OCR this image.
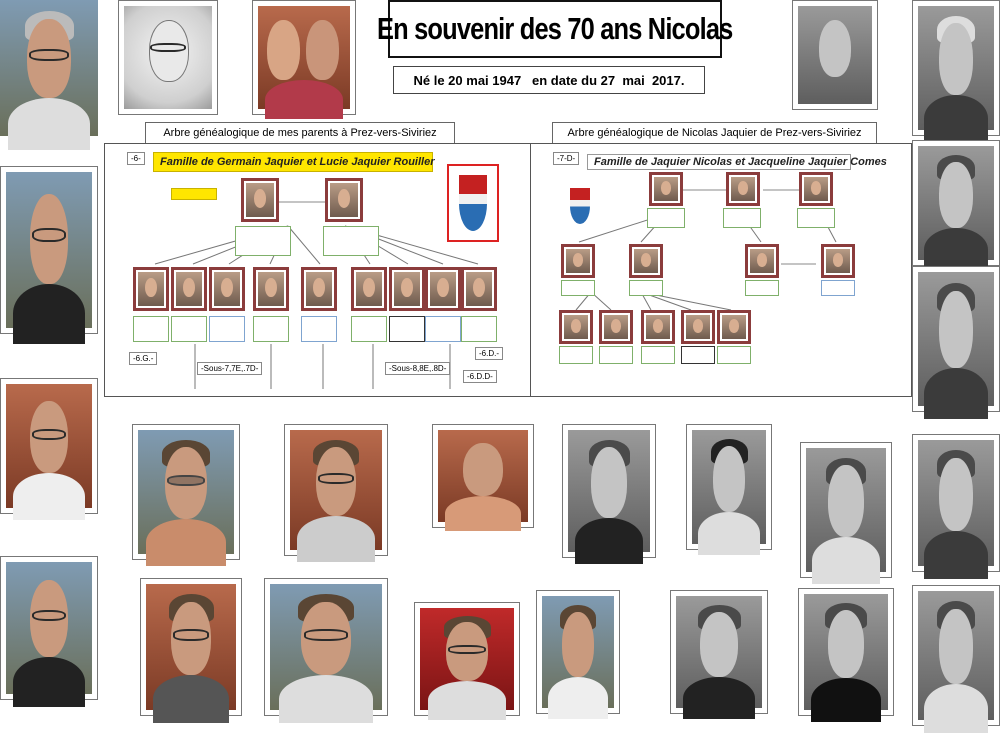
En souvenir des 70 ans Nicolas
Né le 20 mai 1947   en date du 27  mai  2017.
Arbre généalogique de mes parents à Prez-vers-Siviriez	Arbre généalogique de Nicolas Jaquier de Prez-vers-Siviriez
-6-	Famille de Germain Jaquier et Lucie Jaquier Rouiller
-6.G.-
-Sous-7,7E,.7D-	-Sous-8,8E,.8D-
-6.D.-
-6.D.D-
-7-D-	Famille de Jaquier Nicolas et Jacqueline Jaquier Comes
